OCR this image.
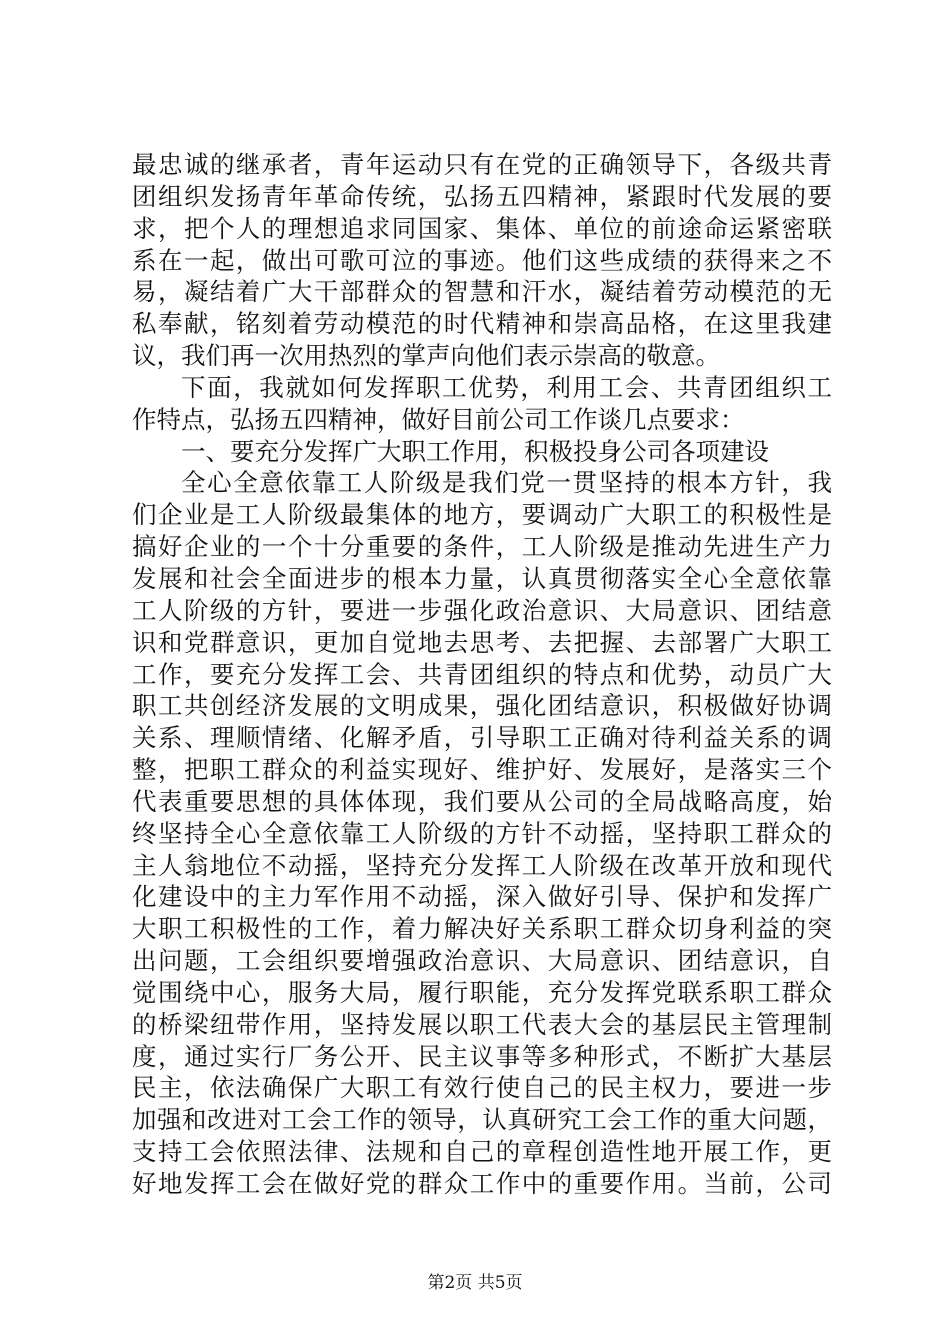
最忠诚的继承者，青年运动只有在党的正确领导下，各级共青
团组织发扬青年革命传统，弘扬五四精神，紧跟时代发展的要
求，把个人的理想追求同国家、集体、单位的前途命运紧密联
系在一起，做出可歌可泣的事迹。他们这些成绩的获得来之不
易，凝结着广大干部群众的智慧和汗水，凝结着劳动模范的无
私奉献，铭刻着劳动模范的时代精神和崇高品格，在这里我建
议，我们再一次用热烈的掌声向他们表示崇高的敬意。
下面，我就如何发挥职工优势，利用工会、共青团组织工
作特点，弘扬五四精神，做好目前公司工作谈几点要求：
一、要充分发挥广大职工作用，积极投身公司各项建设
全心全意依靠工人阶级是我们党一贯坚持的根本方针，我
们企业是工人阶级最集体的地方，要调动广大职工的积极性是
搞好企业的一个十分重要的条件，工人阶级是推动先进生产力
发展和社会全面进步的根本力量，认真贯彻落实全心全意依靠
工人阶级的方针，要进一步强化政治意识、大局意识、团结意
识和党群意识，更加自觉地去思考、去把握、去部署广大职工
工作，要充分发挥工会、共青团组织的特点和优势，动员广大
职工共创经济发展的文明成果，强化团结意识，积极做好协调
关系、理顺情绪、化解矛盾，引导职工正确对待利益关系的调
整，把职工群众的利益实现好、维护好、发展好，是落实三个
代表重要思想的具体体现，我们要从公司的全局战略高度，始
终坚持全心全意依靠工人阶级的方针不动摇，坚持职工群众的
主人翁地位不动摇，坚持充分发挥工人阶级在改革开放和现代
化建设中的主力军作用不动摇，深入做好引导、保护和发挥广
大职工积极性的工作，着力解决好关系职工群众切身利益的突
出问题，工会组织要增强政治意识、大局意识、团结意识，自
觉围绕中心，服务大局，履行职能，充分发挥党联系职工群众
的桥梁纽带作用，坚持发展以职工代表大会的基层民主管理制
度，通过实行厂务公开、民主议事等多种形式，不断扩大基层
民主，依法确保广大职工有效行使自己的民主权力，要进一步
加强和改进对工会工作的领导，认真研究工会工作的重大问题，
支持工会依照法律、法规和自己的章程创造性地开展工作，更
好地发挥工会在做好党的群众工作中的重要作用。当前，公司
第2页 共5页
